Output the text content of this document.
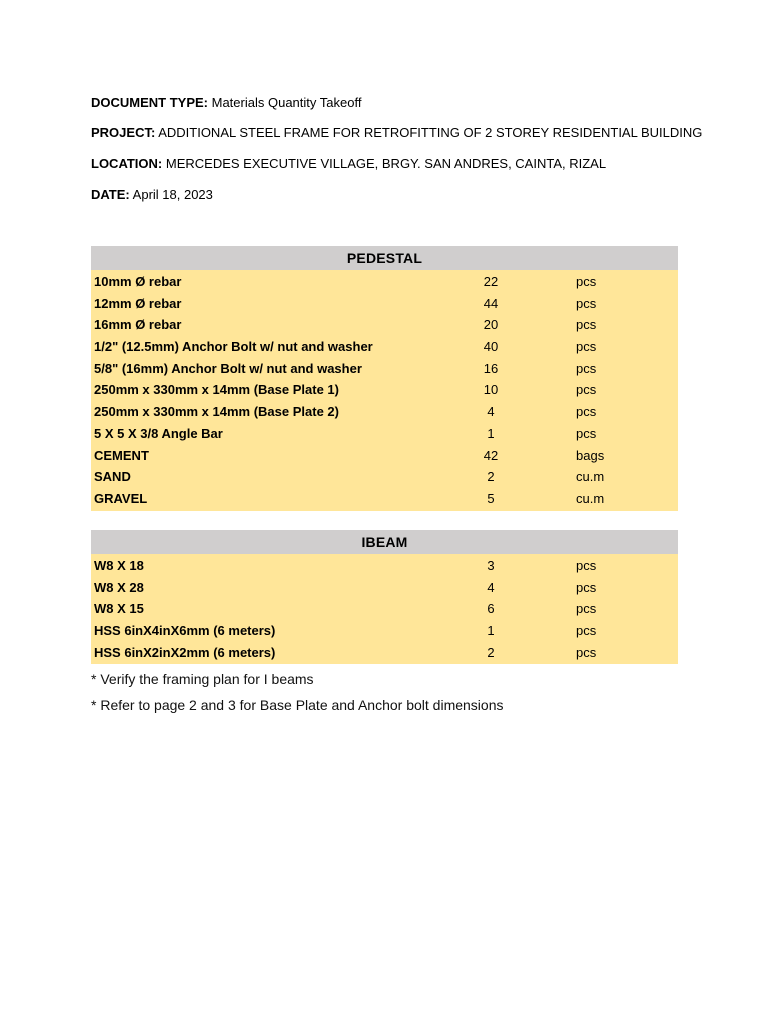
DOCUMENT TYPE: Materials Quantity Takeoff
PROJECT: ADDITIONAL STEEL FRAME FOR RETROFITTING OF 2 STOREY RESIDENTIAL BUILDING
LOCATION: MERCEDES EXECUTIVE VILLAGE, BRGY. SAN ANDRES, CAINTA, RIZAL
DATE: April 18, 2023
PEDESTAL
10mm Ø rebar	22	pcs
12mm Ø rebar	44	pcs
16mm Ø rebar	20	pcs
1/2" (12.5mm) Anchor Bolt w/ nut and washer	40	pcs
5/8" (16mm) Anchor Bolt w/ nut and washer	16	pcs
250mm x 330mm x 14mm (Base Plate 1)	10	pcs
250mm x 330mm x 14mm (Base Plate 2)	4	pcs
5 X 5 X 3/8 Angle Bar	1	pcs
CEMENT	42	bags
SAND	2	cu.m
GRAVEL	5	cu.m
IBEAM
W8 X 18	3	pcs
W8 X 28	4	pcs
W8 X 15	6	pcs
HSS 6inX4inX6mm (6 meters)	1	pcs
HSS 6inX2inX2mm (6 meters)	2	pcs
* Verify the framing plan for I beams
* Refer to page 2 and 3 for Base Plate and Anchor bolt dimensions
